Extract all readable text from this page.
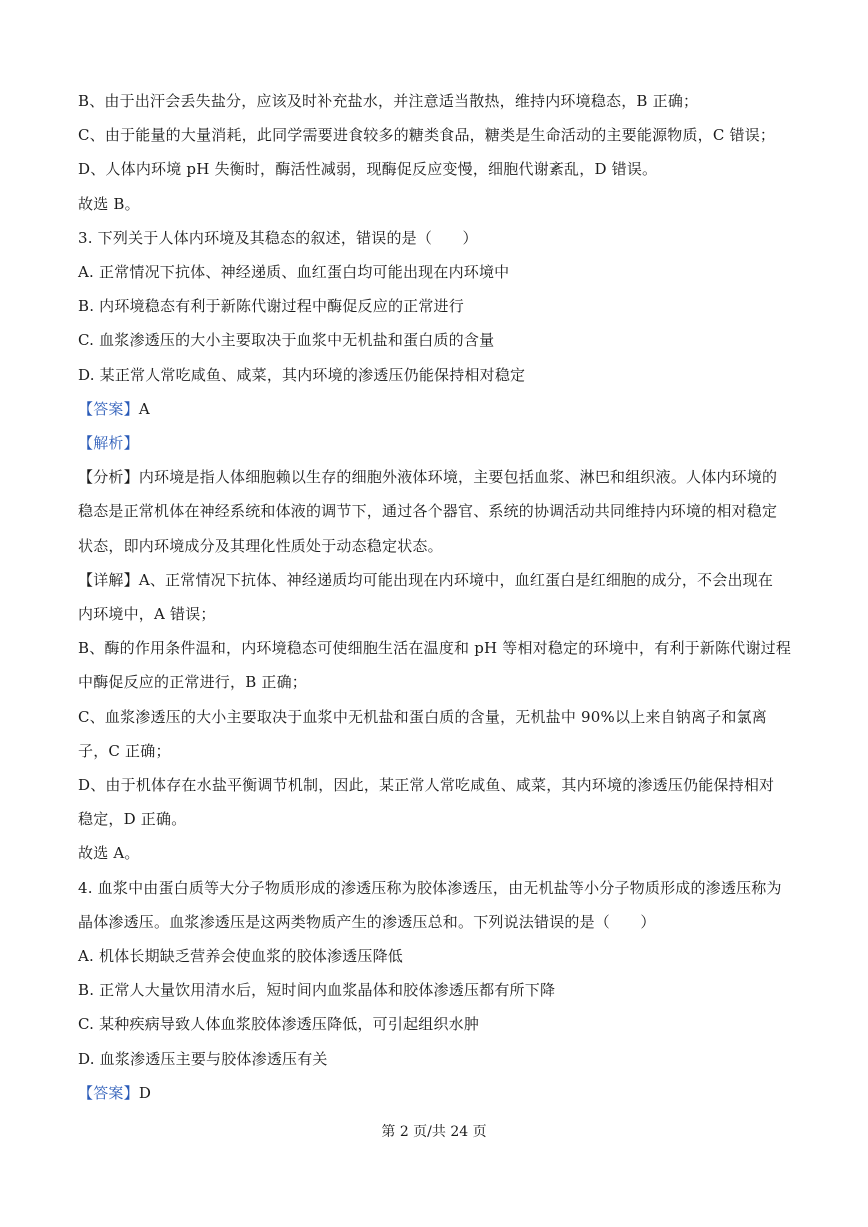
B、由于出汗会丢失盐分，应该及时补充盐水，并注意适当散热，维持内环境稳态，B 正确；
C、由于能量的大量消耗，此同学需要进食较多的糖类食品，糖类是生命活动的主要能源物质，C 错误；
D、人体内环境 pH 失衡时，酶活性减弱，现酶促反应变慢，细胞代谢紊乱，D 错误。
故选 B。
3. 下列关于人体内环境及其稳态的叙述，错误的是（　　）
A. 正常情况下抗体、神经递质、血红蛋白均可能出现在内环境中
B. 内环境稳态有利于新陈代谢过程中酶促反应的正常进行
C. 血浆渗透压的大小主要取决于血浆中无机盐和蛋白质的含量
D. 某正常人常吃咸鱼、咸菜，其内环境的渗透压仍能保持相对稳定
【答案】A
【解析】
【分析】内环境是指人体细胞赖以生存的细胞外液体环境，主要包括血浆、淋巴和组织液。人体内环境的
稳态是正常机体在神经系统和体液的调节下，通过各个器官、系统的协调活动共同维持内环境的相对稳定
状态，即内环境成分及其理化性质处于动态稳定状态。
【详解】A、正常情况下抗体、神经递质均可能出现在内环境中，血红蛋白是红细胞的成分，不会出现在
内环境中，A 错误；
B、酶的作用条件温和，内环境稳态可使细胞生活在温度和 pH 等相对稳定的环境中，有利于新陈代谢过程
中酶促反应的正常进行，B 正确；
C、血浆渗透压的大小主要取决于血浆中无机盐和蛋白质的含量，无机盐中 90%以上来自钠离子和氯离
子，C 正确；
D、由于机体存在水盐平衡调节机制，因此，某正常人常吃咸鱼、咸菜，其内环境的渗透压仍能保持相对
稳定，D 正确。
故选 A。
4. 血浆中由蛋白质等大分子物质形成的渗透压称为胶体渗透压，由无机盐等小分子物质形成的渗透压称为
晶体渗透压。血浆渗透压是这两类物质产生的渗透压总和。下列说法错误的是（　　）
A. 机体长期缺乏营养会使血浆的胶体渗透压降低
B. 正常人大量饮用清水后，短时间内血浆晶体和胶体渗透压都有所下降
C. 某种疾病导致人体血浆胶体渗透压降低，可引起组织水肿
D. 血浆渗透压主要与胶体渗透压有关
【答案】D
第 2 页/共 24 页
